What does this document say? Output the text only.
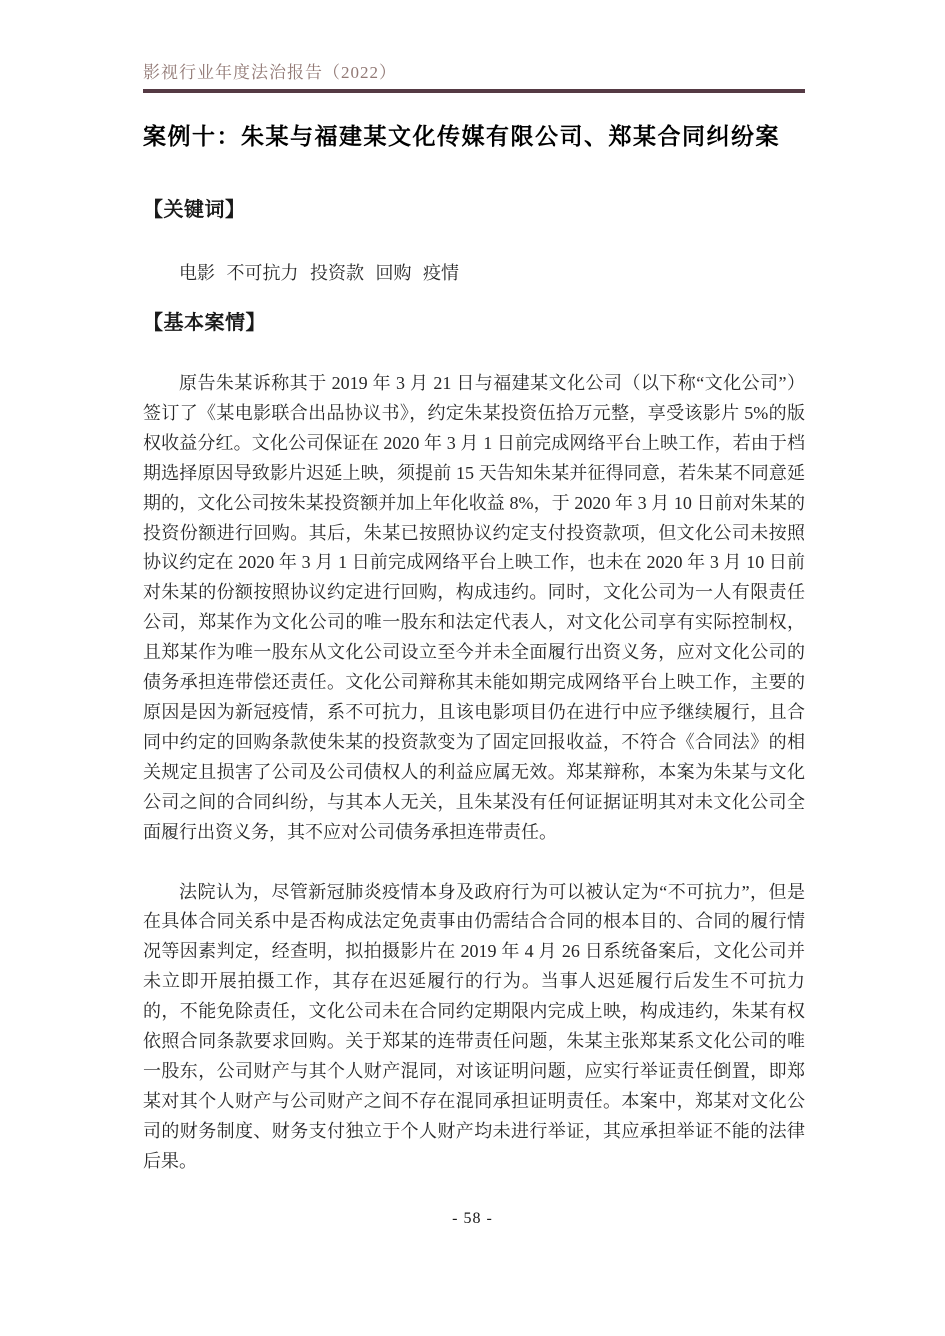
影视行业年度法治报告（2022）
案例十：朱某与福建某文化传媒有限公司、郑某合同纠纷案
【关键词】

电影 不可抗力 投资款 回购 疫情

【基本案情】

原告朱某诉称其于 2019 年 3 月 21 日与福建某文化公司（以下称“文化公司”）签订了《某电影联合出品协议书》，约定朱某投资伍拾万元整，享受该影片 5%的版权收益分红。文化公司保证在 2020 年 3 月 1 日前完成网络平台上映工作，若由于档期选择原因导致影片迟延上映，须提前 15 天告知朱某并征得同意，若朱某不同意延期的，文化公司按朱某投资额并加上年化收益 8%，于 2020 年 3 月 10 日前对朱某的投资份额进行回购。其后，朱某已按照协议约定支付投资款项，但文化公司未按照协议约定在 2020 年 3 月 1 日前完成网络平台上映工作，也未在 2020 年 3 月 10 日前对朱某的份额按照协议约定进行回购，构成违约。同时，文化公司为一人有限责任公司，郑某作为文化公司的唯一股东和法定代表人，对文化公司享有实际控制权，且郑某作为唯一股东从文化公司设立至今并未全面履行出资义务，应对文化公司的债务承担连带偿还责任。文化公司辩称其未能如期完成网络平台上映工作，主要的原因是因为新冠疫情，系不可抗力，且该电影项目仍在进行中应予继续履行，且合同中约定的回购条款使朱某的投资款变为了固定回报收益，不符合《合同法》的相关规定且损害了公司及公司债权人的利益应属无效。郑某辩称，本案为朱某与文化公司之间的合同纠纷，与其本人无关，且朱某没有任何证据证明其对未文化公司全面履行出资义务，其不应对公司债务承担连带责任。

法院认为，尽管新冠肺炎疫情本身及政府行为可以被认定为“不可抗力”，但是在具体合同关系中是否构成法定免责事由仍需结合合同的根本目的、合同的履行情况等因素判定，经查明，拟拍摄影片在 2019 年 4 月 26 日系统备案后，文化公司并未立即开展拍摄工作，其存在迟延履行的行为。当事人迟延履行后发生不可抗力的，不能免除责任，文化公司未在合同约定期限内完成上映，构成违约，朱某有权依照合同条款要求回购。关于郑某的连带责任问题，朱某主张郑某系文化公司的唯一股东，公司财产与其个人财产混同，对该证明问题，应实行举证责任倒置，即郑某对其个人财产与公司财产之间不存在混同承担证明责任。本案中，郑某对文化公司的财务制度、财务支付独立于个人财产均未进行举证，其应承担举证不能的法律后果。

- 58 -
